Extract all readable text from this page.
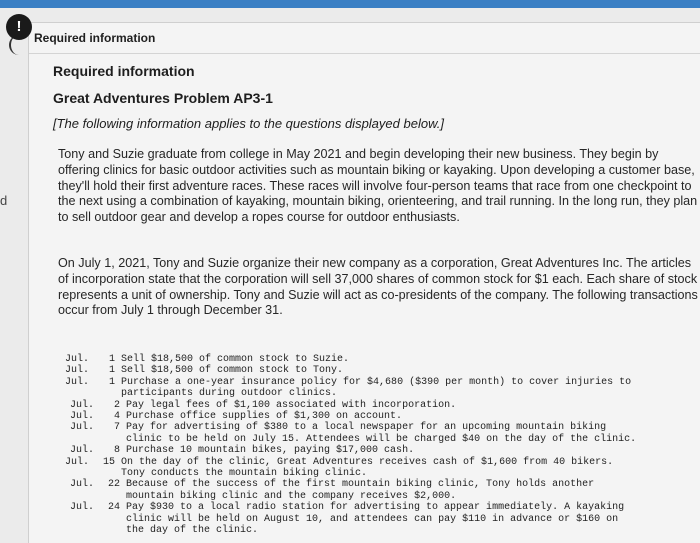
d
Required information
Required information
Great Adventures Problem AP3-1

[The following information applies to the questions displayed below.]

Tony and Suzie graduate from college in May 2021 and begin developing their new business. They begin by offering clinics for basic outdoor activities such as mountain biking or kayaking. Upon developing a customer base, they'll hold their first adventure races. These races will involve four-person teams that race from one checkpoint to the next using a combination of kayaking, mountain biking, orienteering, and trail running. In the long run, they plan to sell outdoor gear and develop a ropes course for outdoor enthusiasts.

On July 1, 2021, Tony and Suzie organize their new company as a corporation, Great Adventures Inc. The articles of incorporation state that the corporation will sell 37,000 shares of common stock for $1 each. Each share of stock represents a unit of ownership. Tony and Suzie will act as co-presidents of the company. The following transactions occur from July 1 through December 31.

Jul.	1 Sell $18,500 of common stock to Suzie.
Jul.	1 Sell $18,500 of common stock to Tony.
Jul.	1 Purchase a one-year insurance policy for $4,680 ($390 per month) to cover injuries to
participants during outdoor clinics.
Jul.	2 Pay legal fees of $1,100 associated with incorporation.
Jul.	4 Purchase office supplies of $1,300 on account.
Jul.	7 Pay for advertising of $380 to a local newspaper for an upcoming mountain biking
clinic to be held on July 15. Attendees will be charged $40 on the day of the clinic.
Jul.	8 Purchase 10 mountain bikes, paying $17,000 cash.
Jul.	15 On the day of the clinic, Great Adventures receives cash of $1,600 from 40 bikers.
Tony conducts the mountain biking clinic.
Jul.	22 Because of the success of the first mountain biking clinic, Tony holds another
mountain biking clinic and the company receives $2,000.
Jul.	24 Pay $930 to a local radio station for advertising to appear immediately. A kayaking
clinic will be held on August 10, and attendees can pay $110 in advance or $160 on
the day of the clinic.
!
